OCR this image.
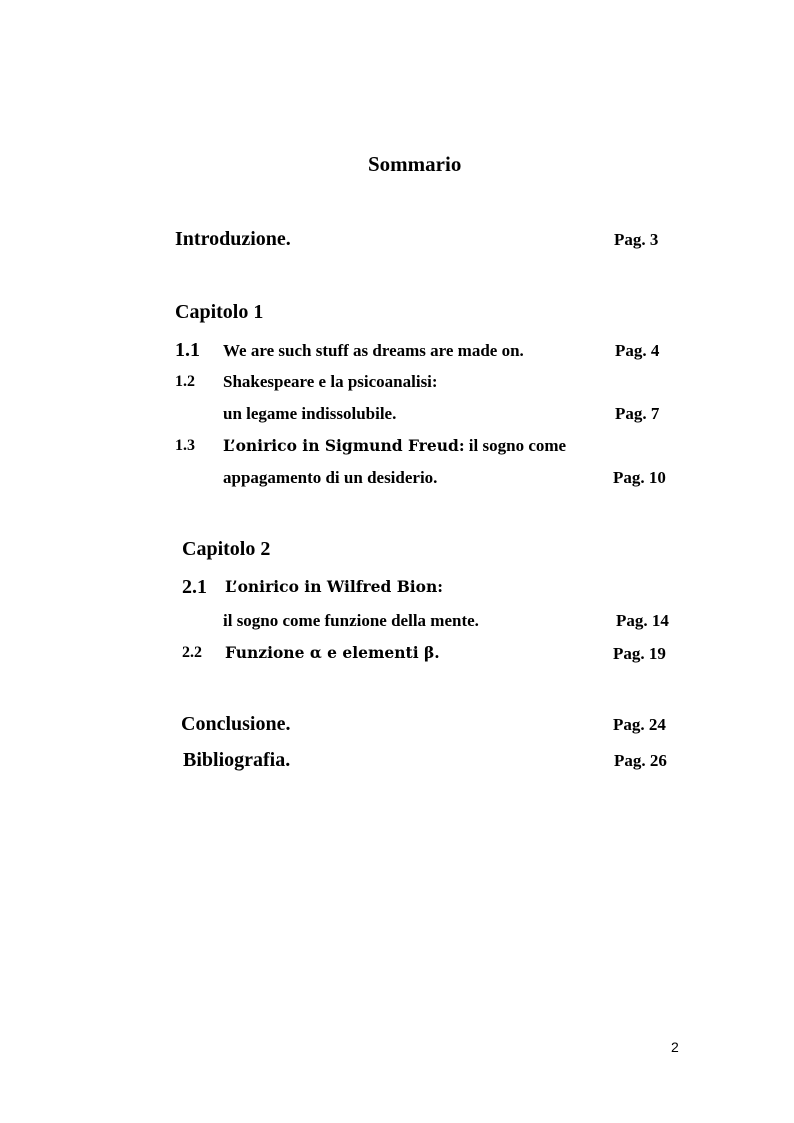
Sommario
Introduzione.	Pag. 3
Capitolo 1
1.1 We are such stuff as dreams are made on.	Pag. 4
1.2 Shakespeare e la psicoanalisi:
un legame indissolubile.	Pag. 7
1.3 L’onirico in Sigmund Freud: il sogno come
appagamento di un desiderio.	Pag. 10
Capitolo 2
2.1 L’onirico in Wilfred Bion:
il sogno come funzione della mente.	Pag. 14
2.2 Funzione α e elementi β.	Pag. 19
Conclusione.	Pag. 24
Bibliografia.	Pag. 26
2
